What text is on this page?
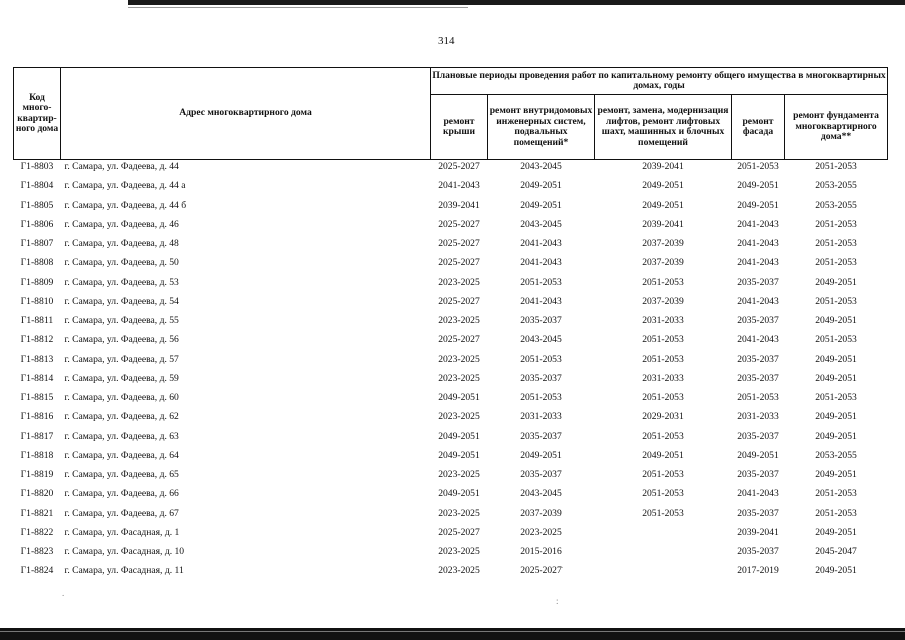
314
Код много-квартир-ного дома	Адрес многоквартирного дома	Плановые периоды проведения работ по капитальному ремонту общего имущества в многоквартирных домах, годы				
		ремонт крыши	ремонт внутридомовых инженерных систем, подвальных помещений*	ремонт, замена, модернизация лифтов, ремонт лифтовых шахт, машинных и блочных помещений	ремонт фасада	ремонт фундамента многоквартирного дома**
Г1-8803	г. Самара, ул. Фадеева, д. 44	2025-2027	2043-2045	2039-2041	2051-2053	2051-2053
Г1-8804	г. Самара, ул. Фадеева, д. 44 а	2041-2043	2049-2051	2049-2051	2049-2051	2053-2055
Г1-8805	г. Самара, ул. Фадеева, д. 44 б	2039-2041	2049-2051	2049-2051	2049-2051	2053-2055
Г1-8806	г. Самара, ул. Фадеева, д. 46	2025-2027	2043-2045	2039-2041	2041-2043	2051-2053
Г1-8807	г. Самара, ул. Фадеева, д. 48	2025-2027	2041-2043	2037-2039	2041-2043	2051-2053
Г1-8808	г. Самара, ул. Фадеева, д. 50	2025-2027	2041-2043	2037-2039	2041-2043	2051-2053
Г1-8809	г. Самара, ул. Фадеева, д. 53	2023-2025	2051-2053	2051-2053	2035-2037	2049-2051
Г1-8810	г. Самара, ул. Фадеева, д. 54	2025-2027	2041-2043	2037-2039	2041-2043	2051-2053
Г1-8811	г. Самара, ул. Фадеева, д. 55	2023-2025	2035-2037	2031-2033	2035-2037	2049-2051
Г1-8812	г. Самара, ул. Фадеева, д. 56	2025-2027	2043-2045	2051-2053	2041-2043	2051-2053
Г1-8813	г. Самара, ул. Фадеева, д. 57	2023-2025	2051-2053	2051-2053	2035-2037	2049-2051
Г1-8814	г. Самара, ул. Фадеева, д. 59	2023-2025	2035-2037	2031-2033	2035-2037	2049-2051
Г1-8815	г. Самара, ул. Фадеева, д. 60	2049-2051	2051-2053	2051-2053	2051-2053	2051-2053
Г1-8816	г. Самара, ул. Фадеева, д. 62	2023-2025	2031-2033	2029-2031	2031-2033	2049-2051
Г1-8817	г. Самара, ул. Фадеева, д. 63	2049-2051	2035-2037	2051-2053	2035-2037	2049-2051
Г1-8818	г. Самара, ул. Фадеева, д. 64	2049-2051	2049-2051	2049-2051	2049-2051	2053-2055
Г1-8819	г. Самара, ул. Фадеева, д. 65	2023-2025	2035-2037	2051-2053	2035-2037	2049-2051
Г1-8820	г. Самара, ул. Фадеева, д. 66	2049-2051	2043-2045	2051-2053	2041-2043	2051-2053
Г1-8821	г. Самара, ул. Фадеева, д. 67	2023-2025	2037-2039	2051-2053	2035-2037	2051-2053
Г1-8822	г. Самара, ул. Фасадная, д. 1	2025-2027	2023-2025		2039-2041	2049-2051
Г1-8823	г. Самара, ул. Фасадная, д. 10	2023-2025	2015-2016		2035-2037	2045-2047
Г1-8824	г. Самара, ул. Фасадная, д. 11	2023-2025	2025-2027		2017-2019	2049-2051
.
:
.
